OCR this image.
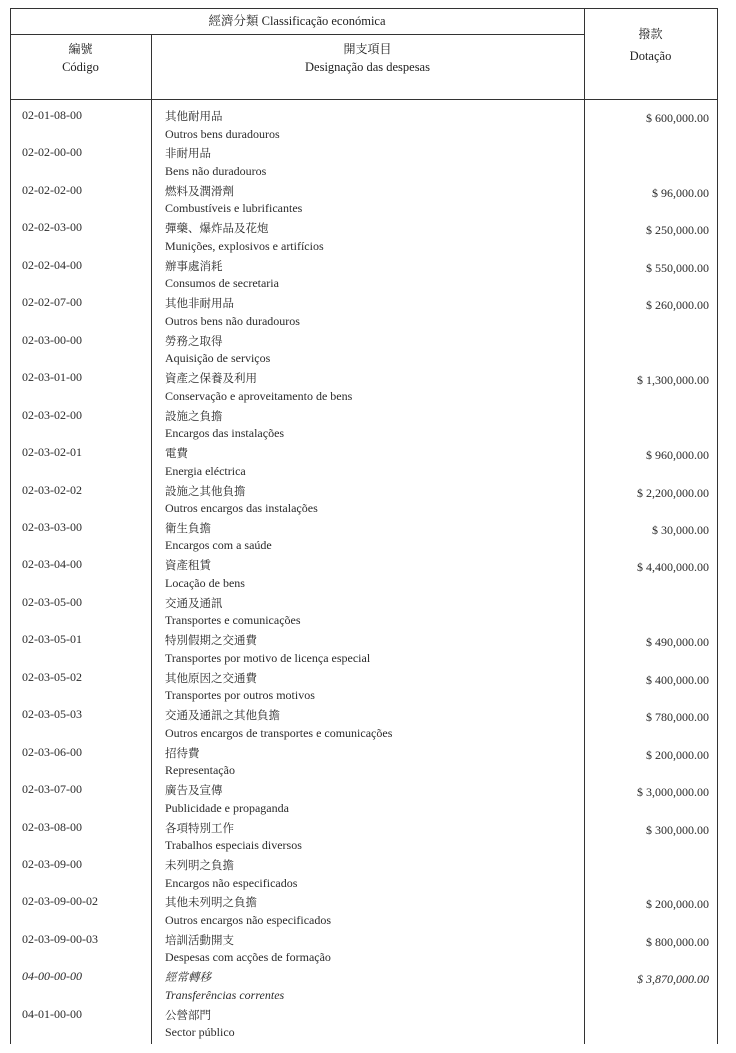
經濟分類 Classificação económica
編號
Código
開支項目
Designação das despesas
撥款
Dotação
02-01-08-00	其他耐用品
Outros bens duradouros
$ 600,000.00
02-02-00-00	非耐用品
Bens não duradouros
02-02-02-00	燃料及潤滑劑
Combustíveis e lubrificantes
$ 96,000.00
02-02-03-00	彈藥、爆炸品及花炮
Munições, explosivos e artifícios
$ 250,000.00
02-02-04-00	辦事處消耗
Consumos de secretaria
$ 550,000.00
02-02-07-00	其他非耐用品
Outros bens não duradouros
$ 260,000.00
02-03-00-00	勞務之取得
Aquisição de serviços
02-03-01-00	資產之保養及利用
Conservação e aproveitamento de bens
$ 1,300,000.00
02-03-02-00	設施之負擔
Encargos das instalações
02-03-02-01	電費
Energia eléctrica
$ 960,000.00
02-03-02-02	設施之其他負擔
Outros encargos das instalações
$ 2,200,000.00
02-03-03-00	衛生負擔
Encargos com a saúde
$ 30,000.00
02-03-04-00	資產租賃
Locação de bens
$ 4,400,000.00
02-03-05-00	交通及通訊
Transportes e comunicações
02-03-05-01	特別假期之交通費
Transportes por motivo de licença especial
$ 490,000.00
02-03-05-02	其他原因之交通費
Transportes por outros motivos
$ 400,000.00
02-03-05-03	交通及通訊之其他負擔
Outros encargos de transportes e comunicações
$ 780,000.00
02-03-06-00	招待費
Representação
$ 200,000.00
02-03-07-00	廣告及宣傳
Publicidade e propaganda
$ 3,000,000.00
02-03-08-00	各項特別工作
Trabalhos especiais diversos
$ 300,000.00
02-03-09-00	未列明之負擔
Encargos não especificados
02-03-09-00-02	其他未列明之負擔
Outros encargos não especificados
$ 200,000.00
02-03-09-00-03	培訓活動開支
Despesas com acções de formação
$ 800,000.00
04-00-00-00	經常轉移
Transferências correntes
$ 3,870,000.00
04-01-00-00	公營部門
Sector público
